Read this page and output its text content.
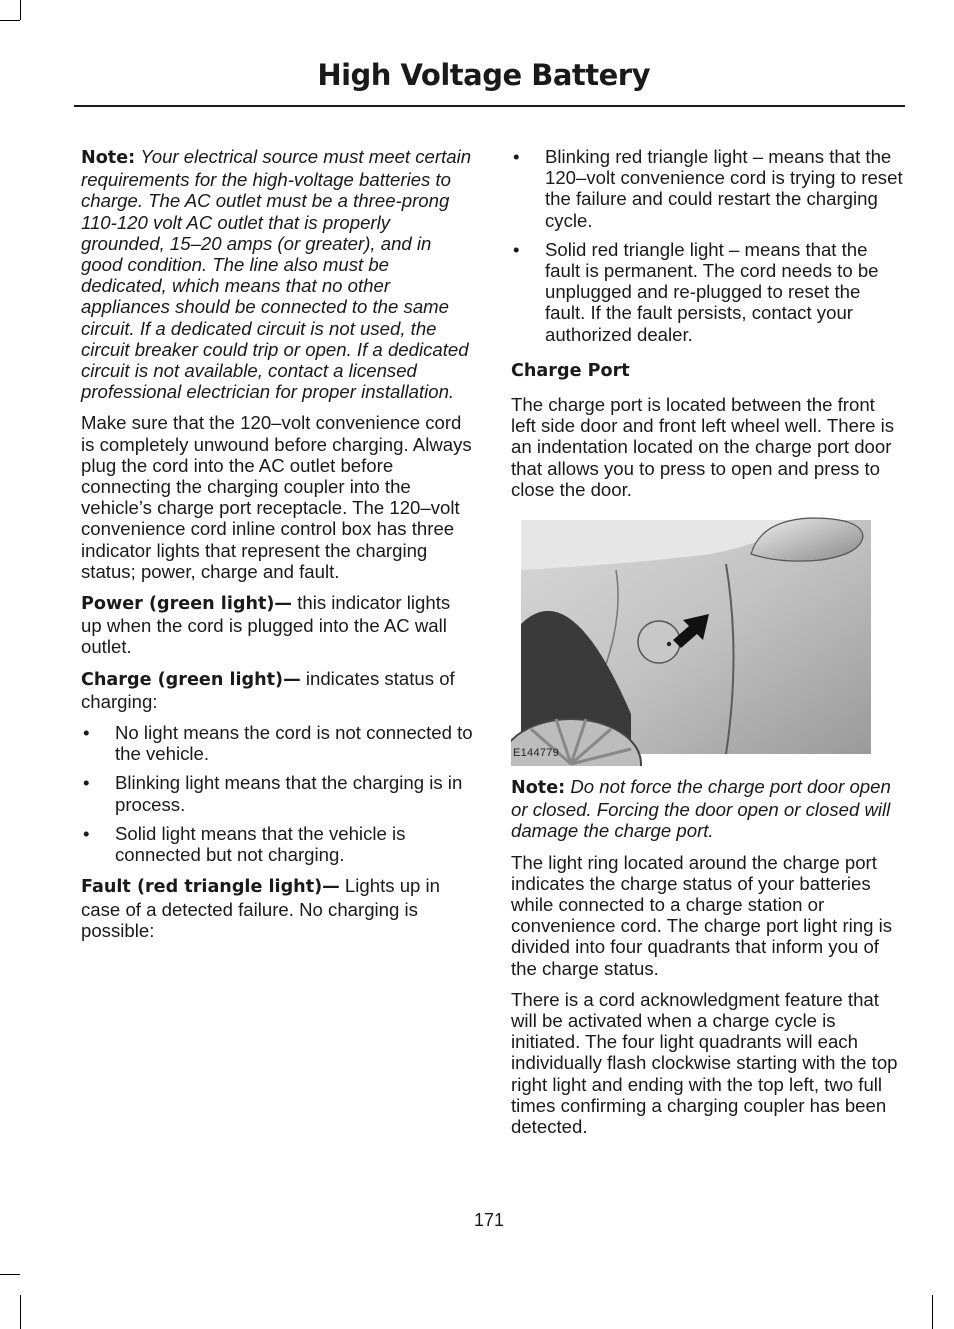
High Voltage Battery

Note: Your electrical source must meet certain requirements for the high-voltage batteries to charge. The AC outlet must be a three-prong 110-120 volt AC outlet that is properly grounded, 15–20 amps (or greater), and in good condition. The line also must be dedicated, which means that no other appliances should be connected to the same circuit. If a dedicated circuit is not used, the circuit breaker could trip or open. If a dedicated circuit is not available, contact a licensed professional electrician for proper installation.

Make sure that the 120–volt convenience cord is completely unwound before charging. Always plug the cord into the AC outlet before connecting the charging coupler into the vehicle’s charge port receptacle. The 120–volt convenience cord inline control box has three indicator lights that represent the charging status; power, charge and fault.

Power (green light)— this indicator lights up when the cord is plugged into the AC wall outlet.

Charge (green light)— indicates status of charging:

• No light means the cord is not connected to the vehicle.
• Blinking light means that the charging is in process.
• Solid light means that the vehicle is connected but not charging.

Fault (red triangle light)— Lights up in case of a detected failure. No charging is possible:

• Blinking red triangle light – means that the 120–volt convenience cord is trying to reset the failure and could restart the charging cycle.
• Solid red triangle light – means that the fault is permanent. The cord needs to be unplugged and re-plugged to reset the fault. If the fault persists, contact your authorized dealer.
Charge Port

The charge port is located between the front left side door and front left wheel well. There is an indentation located on the charge port door that allows you to press to open and press to close the door.

E144779

Note: Do not force the charge port door open or closed. Forcing the door open or closed will damage the charge port.

The light ring located around the charge port indicates the charge status of your batteries while connected to a charge station or convenience cord. The charge port light ring is divided into four quadrants that inform you of the charge status.

There is a cord acknowledgment feature that will be activated when a charge cycle is initiated. The four light quadrants will each individually flash clockwise starting with the top right light and ending with the top left, two full times confirming a charging coupler has been detected.

171
